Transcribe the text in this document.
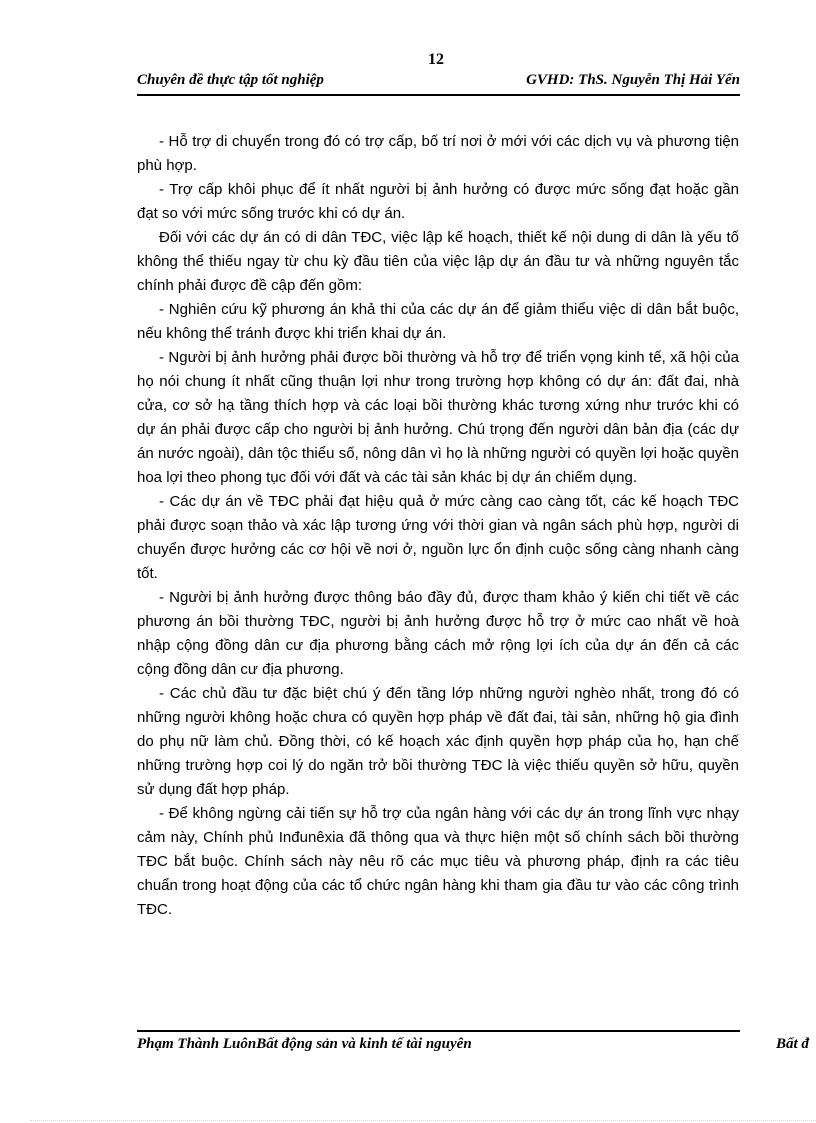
12
Chuyên đề thực tập tốt nghiệp	GVHD: ThS. Nguyễn Thị Hải Yến

- Hỗ trợ di chuyển trong đó có trợ cấp, bố trí nơi ở mới với các dịch vụ và phương tiện phù hợp.

- Trợ cấp khôi phục để ít nhất người bị ảnh hưởng có được mức sống đạt hoặc gần đạt so với mức sống trước khi có dự án.

Đối với các dự án có di dân TĐC, việc lập kế hoạch, thiết kế nội dung di dân là yếu tố không thể thiếu ngay từ chu kỳ đầu tiên của việc lập dự án đầu tư và những nguyên tắc chính phải được đề cập đến gồm:

- Nghiên cứu kỹ phương án khả thi của các dự án để giảm thiểu việc di dân bắt buộc, nếu không thể tránh được khi triển khai dự án.

- Người bị ảnh hưởng phải được bồi thường và hỗ trợ để triển vọng kinh tế, xã hội của họ nói chung ít nhất cũng thuận lợi như trong trường hợp không có dự án: đất đai, nhà cửa, cơ sở hạ tầng thích hợp và các loại bồi thường khác tương xứng như trước khi có dự án phải được cấp cho người bị ảnh hưởng. Chú trọng đến người dân bản địa (các dự án nước ngoài), dân tộc thiểu số, nông dân vì họ là những người có quyền lợi hoặc quyền hoa lợi theo phong tục đối với đất và các tài sản khác bị dự án chiếm dụng.

- Các dự án về TĐC phải đạt hiệu quả ở mức càng cao càng tốt, các kế hoạch TĐC phải được soạn thảo và xác lập tương ứng với thời gian và ngân sách phù hợp, người di chuyển được hưởng các cơ hội về nơi ở, nguồn lực ổn định cuộc sống càng nhanh càng tốt.

- Người bị ảnh hưởng được thông báo đầy đủ, được tham khảo ý kiến chi tiết về các phương án bồi thường TĐC, người bị ảnh hưởng được hỗ trợ ở mức cao nhất về hoà nhập cộng đồng dân cư địa phương bằng cách mở rộng lợi ích của dự án đến cả các cộng đồng dân cư địa phương.

- Các chủ đầu tư đặc biệt chú ý đến tầng lớp những người nghèo nhất, trong đó có những người không hoặc chưa có quyền hợp pháp về đất đai, tài sản, những hộ gia đình do phụ nữ làm chủ. Đồng thời, có kế hoạch xác định quyền hợp pháp của họ, hạn chế những trường hợp coi lý do ngăn trở bồi thường TĐC là việc thiếu quyền sở hữu, quyền sử dụng đất hợp pháp.

- Để không ngừng cải tiến sự hỗ trợ của ngân hàng với các dự án trong lĩnh vực nhạy cảm này, Chính phủ Inđunêxia đã thông qua và thực hiện một số chính sách bồi thường TĐC bắt buộc. Chính sách này nêu rõ các mục tiêu và phương pháp, định ra các tiêu chuẩn trong hoạt động của các tổ chức ngân hàng khi tham gia đầu tư vào các công trình TĐC.

Phạm Thành LuônBất động sản và kinh tế tài nguyên	Bất đ
